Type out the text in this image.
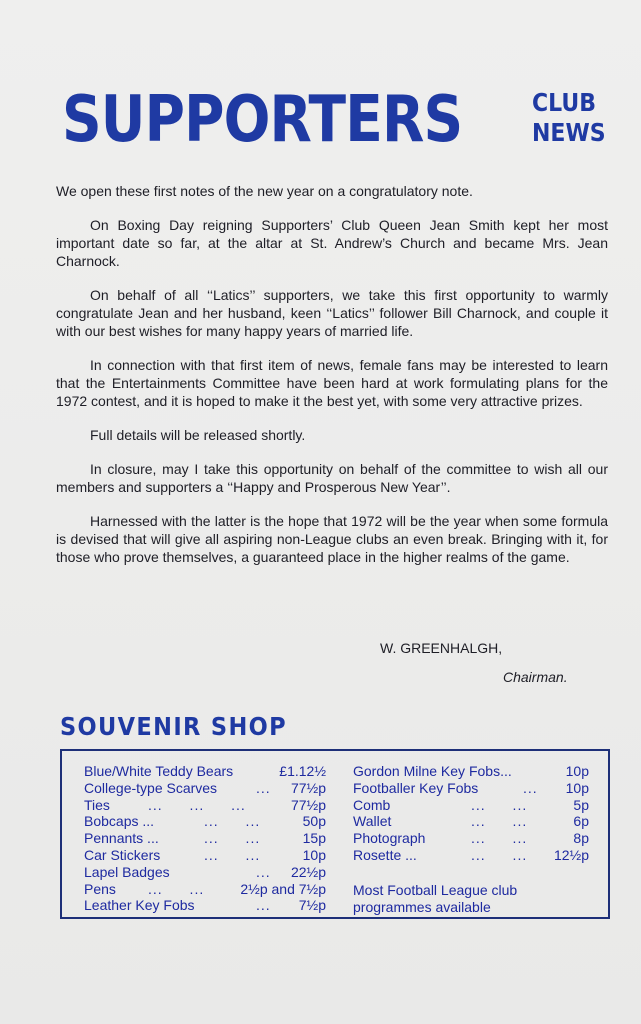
SUPPORTERS	CLUB
NEWS

We open these first notes of the new year on a congratulatory note.

On Boxing Day reigning Supporters’ Club Queen Jean Smith kept her most important date so far, at the altar at St. Andrew’s Church and became Mrs. Jean Charnock.

On behalf of all ‘‘Latics’’ supporters, we take this first opportunity to warmly congratulate Jean and her husband, keen ‘‘Latics’’ follower Bill Charnock, and couple it with our best wishes for many happy years of married life.

In connection with that first item of news, female fans may be interested to learn that the Entertainments Committee have been hard at work formulating plans for the 1972 contest, and it is hoped to make it the best yet, with some very attractive prizes.

Full details will be released shortly.

In closure, may I take this opportunity on behalf of the committee to wish all our members and supporters a ‘‘Happy and Prosperous New Year’’.

Harnessed with the latter is the hope that 1972 will be the year when some formula is devised that will give all aspiring non-League clubs an even break. Bringing with it, for those who prove themselves, a guaranteed place in the higher realms of the game.

W. GREENHALGH,
Chairman.
SOUVENIR SHOP
Blue/White Teddy Bears	£1.12½
College-type Scarves	... 77½p
Ties	... ... ...	77½p
Bobcaps ...	... ...	50p
Pennants ...	... ...	15p
Car Stickers	... ...	10p
Lapel Badges	... 22½p
Pens ... ...	2½p and 7½p
Leather Key Fobs	... 7½p
Gordon Milne Key Fobs...	10p
Footballer Key Fobs	... 10p
Comb	... ...	5p
Wallet	... ...	6p
Photograph	... ...	8p
Rosette ...	... ... 12½p
Most Football League club
programmes available
